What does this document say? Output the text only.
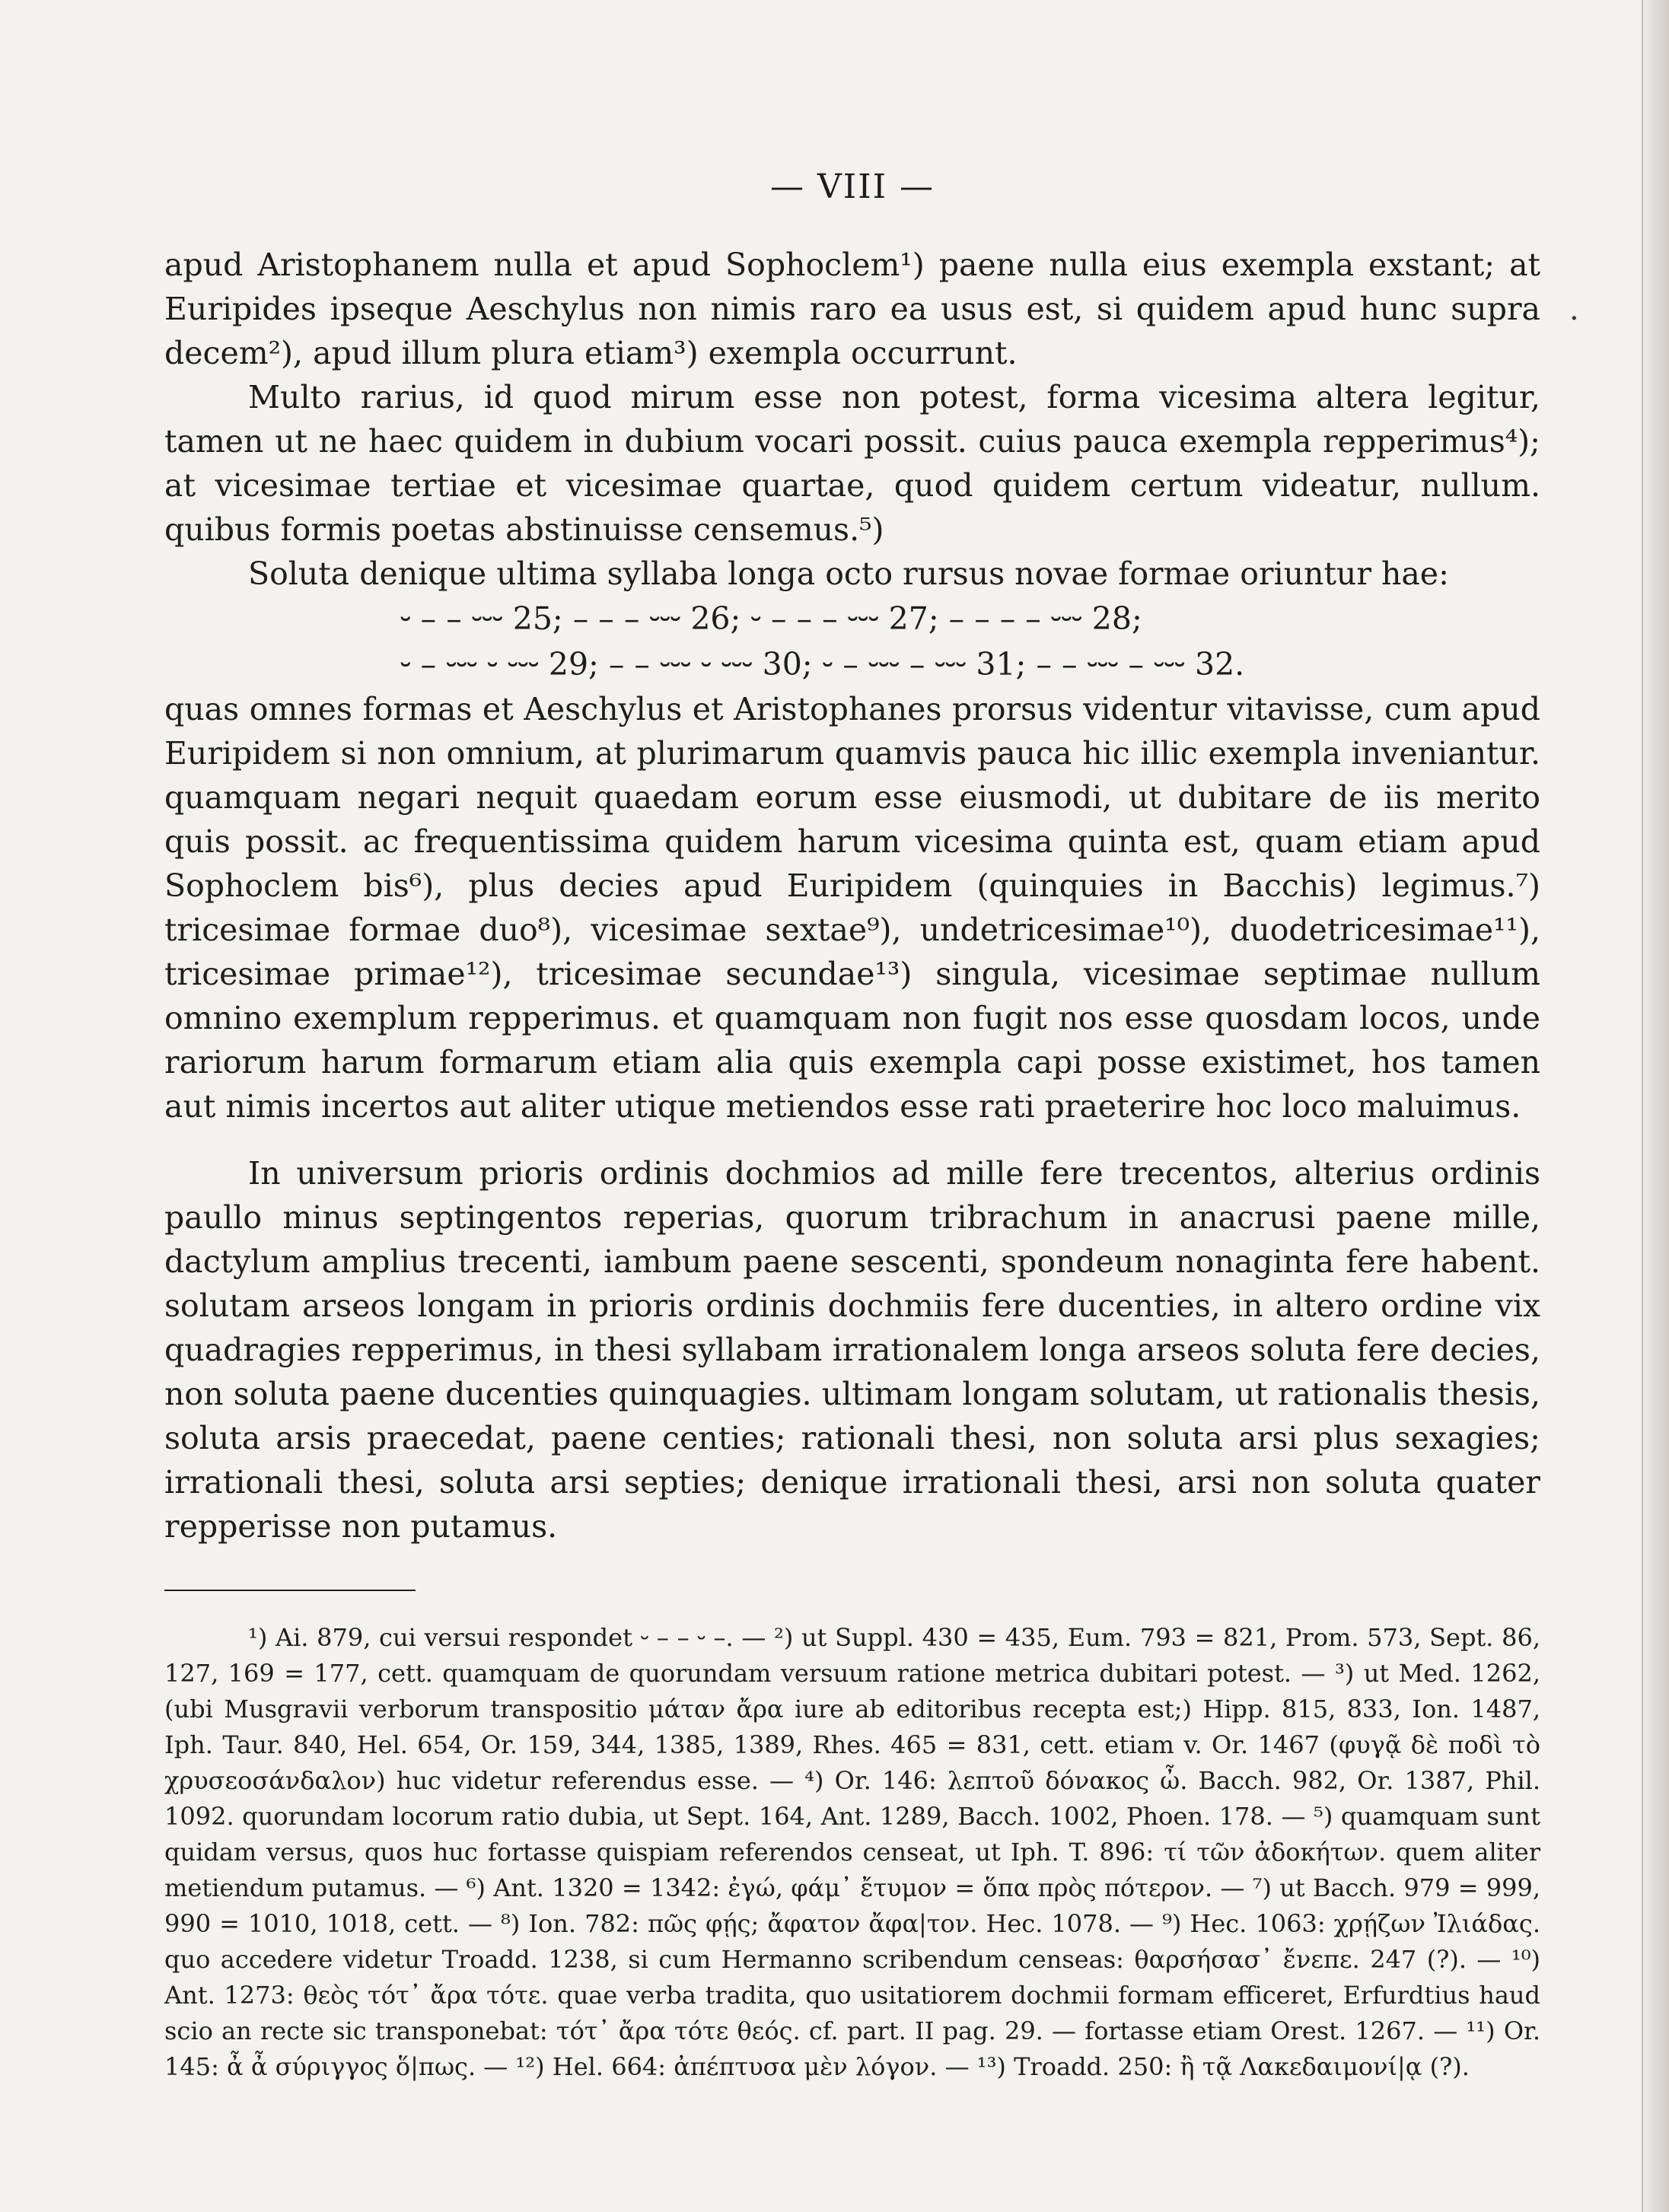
— VIII —

apud Aristophanem nulla et apud Sophoclem¹) paene nulla eius exempla exstant; at Euripides ipseque Aeschylus non nimis raro ea usus est, si quidem apud hunc supra decem²), apud illum plura etiam³) exempla occurrunt.

Multo rarius, id quod mirum esse non potest, forma vicesima altera legitur, tamen ut ne haec quidem in dubium vocari possit. cuius pauca exempla repperimus⁴); at vicesimae tertiae et vicesimae quartae, quod quidem certum videatur, nullum. quibus formis poetas abstinuisse censemus.⁵)

Soluta denique ultima syllaba longa octo rursus novae formae oriuntur hae:

⏑ – – ⏑⏑⏑ 25; – – – ⏑⏑⏑ 26; ⏑ – – – ⏑⏑⏑ 27; – – – – ⏑⏑⏑ 28;
⏑ – ⏑⏑⏑ ⏑ ⏑⏑⏑ 29; – – ⏑⏑⏑ ⏑ ⏑⏑⏑ 30; ⏑ – ⏑⏑⏑ – ⏑⏑⏑ 31; – – ⏑⏑⏑ – ⏑⏑⏑ 32.

quas omnes formas et Aeschylus et Aristophanes prorsus videntur vitavisse, cum apud Euripidem si non omnium, at plurimarum quamvis pauca hic illic exempla inveniantur. quamquam negari nequit quaedam eorum esse eiusmodi, ut dubitare de iis merito quis possit. ac frequentissima quidem harum vicesima quinta est, quam etiam apud Sophoclem bis⁶), plus decies apud Euripidem (quinquies in Bacchis) legimus.⁷) tricesimae formae duo⁸), vicesimae sextae⁹), undetricesimae¹⁰), duodetricesimae¹¹), tricesimae primae¹²), tricesimae secundae¹³) singula, vicesimae septimae nullum omnino exemplum repperimus. et quamquam non fugit nos esse quosdam locos, unde rariorum harum formarum etiam alia quis exempla capi posse existimet, hos tamen aut nimis incertos aut aliter utique metiendos esse rati praeterire hoc loco maluimus.

In universum prioris ordinis dochmios ad mille fere trecentos, alterius ordinis paullo minus septingentos reperias, quorum tribrachum in anacrusi paene mille, dactylum amplius trecenti, iambum paene sescenti, spondeum nonaginta fere habent. solutam arseos longam in prioris ordinis dochmiis fere ducenties, in altero ordine vix quadragies repperimus, in thesi syllabam irrationalem longa arseos soluta fere decies, non soluta paene ducenties quinquagies. ultimam longam solutam, ut rationalis thesis, soluta arsis praecedat, paene centies; rationali thesi, non soluta arsi plus sexagies; irrationali thesi, soluta arsi septies; denique irrationali thesi, arsi non soluta quater repperisse non putamus.

¹) Ai. 879, cui versui respondet ⏑ – – ⏑ –. — ²) ut Suppl. 430 = 435, Eum. 793 = 821, Prom. 573, Sept. 86, 127, 169 = 177, cett. quamquam de quorundam versuum ratione metrica dubitari potest. — ³) ut Med. 1262, (ubi Musgravii verborum transpositio μάταν ἄρα iure ab editoribus recepta est;) Hipp. 815, 833, Ion. 1487, Iph. Taur. 840, Hel. 654, Or. 159, 344, 1385, 1389, Rhes. 465 = 831, cett. etiam v. Or. 1467 (φυγᾷ δὲ ποδὶ τὸ χρυσεοσάνδαλον) huc videtur referendus esse. — ⁴) Or. 146: λεπτοῦ δόνακος ὦ. Bacch. 982, Or. 1387, Phil. 1092. quorundam locorum ratio dubia, ut Sept. 164, Ant. 1289, Bacch. 1002, Phoen. 178. — ⁵) quamquam sunt quidam versus, quos huc fortasse quispiam referendos censeat, ut Iph. T. 896: τί τῶν ἀδοκήτων. quem aliter metiendum putamus. — ⁶) Ant. 1320 = 1342: ἐγώ, φάμ᾽ ἔτυμον = ὅπα πρὸς πότερον. — ⁷) ut Bacch. 979 = 999, 990 = 1010, 1018, cett. — ⁸) Ion. 782: πῶς φῄς; ἄφατον ἄφα|τον. Hec. 1078. — ⁹) Hec. 1063: χρῄζων Ἰλιάδας. quo accedere videtur Troadd. 1238, si cum Hermanno scribendum censeas: θαρσήσασ᾽ ἔνεπε. 247 (?). — ¹⁰) Ant. 1273: θεὸς τότ᾽ ἄρα τότε. quae verba tradita, quo usitatiorem dochmii formam efficeret, Erfurdtius haud scio an recte sic transponebat: τότ᾽ ἄρα τότε θεός. cf. part. II pag. 29. — fortasse etiam Orest. 1267. — ¹¹) Or. 145: ἆ ἆ σύριγγος ὅ|πως. — ¹²) Hel. 664: ἀπέπτυσα μὲν λόγον. — ¹³) Troadd. 250: ἢ τᾷ Λακεδαιμονί|ᾳ (?).

·
